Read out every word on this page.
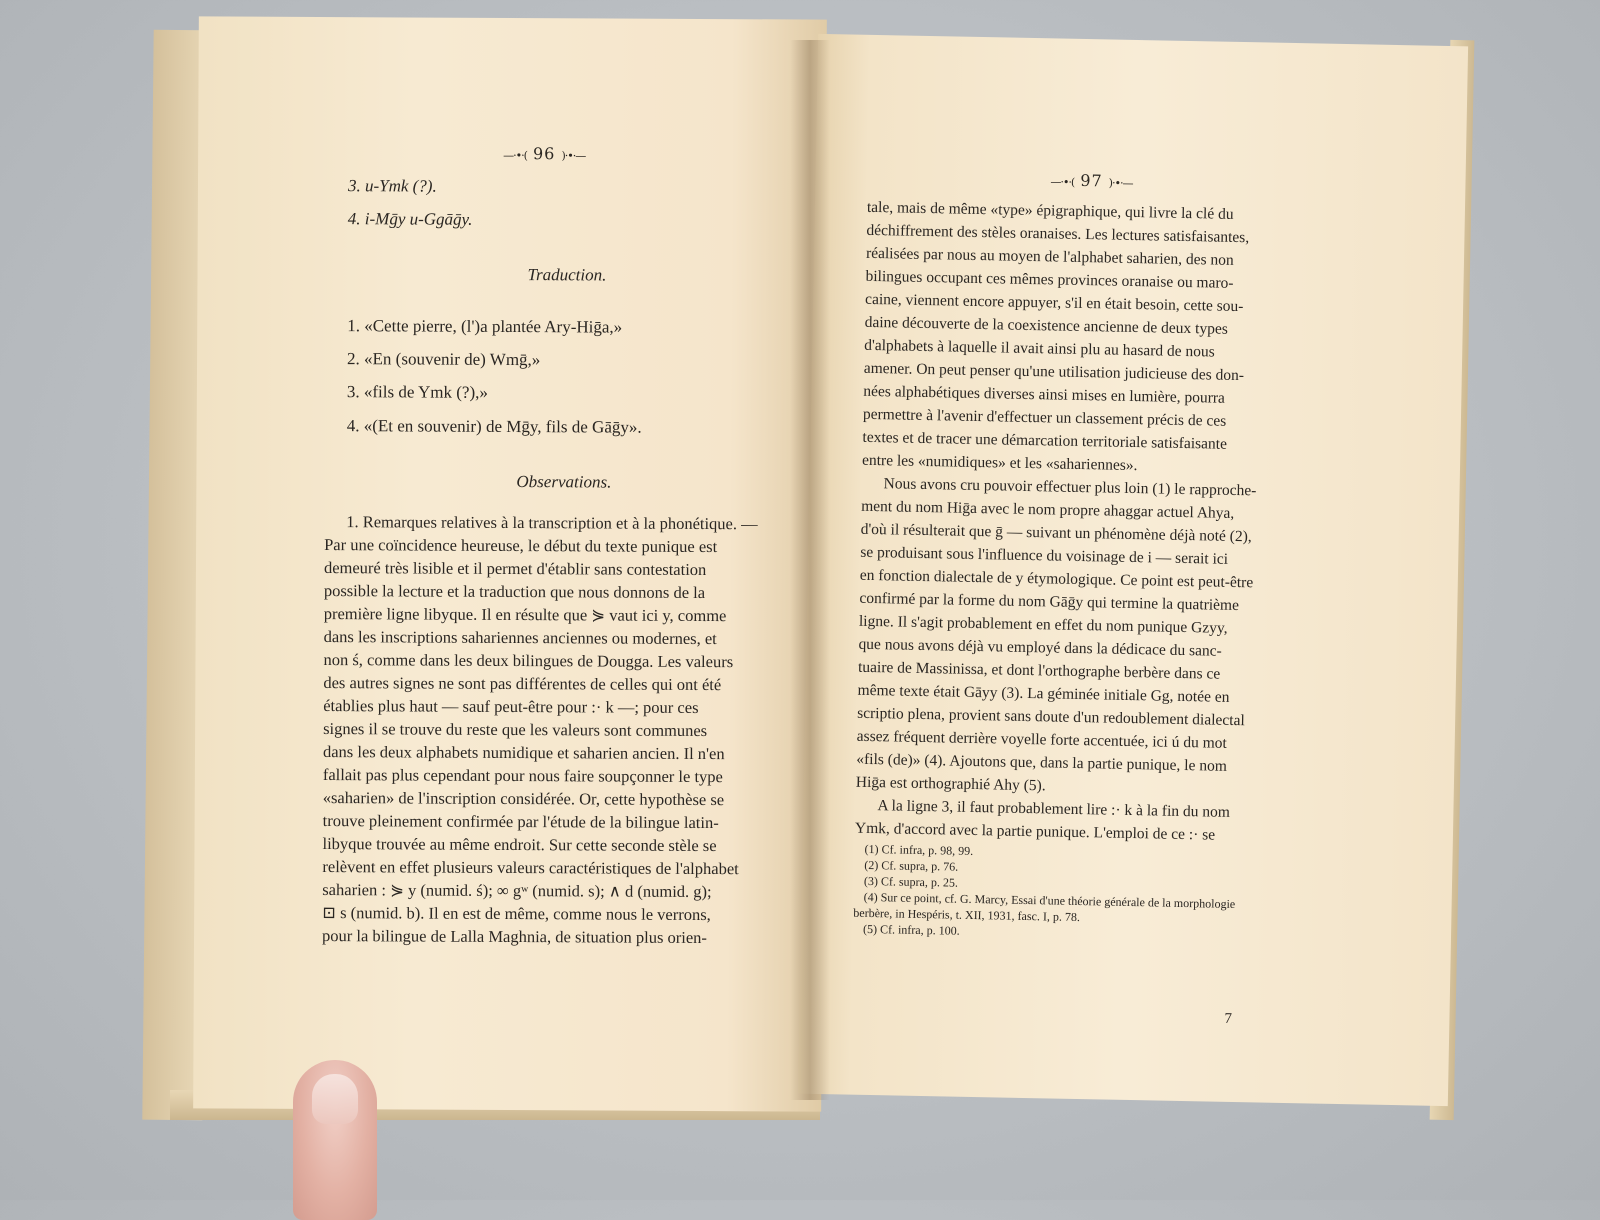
—·•·( 96 )·•·—
3. u-Ymk (?).
4. i-Mḡy u-Ggāḡy.
Traduction.
1. «Cette pierre, (l')a plantée Ary-Hiḡa,»
2. «En (souvenir de) Wmḡ,»
3. «fils de Ymk (?),»
4. «(Et en souvenir) de Mḡy, fils de Gāḡy».
Observations.
1. Remarques relatives à la transcription et à la phonétique. —
Par une coïncidence heureuse, le début du texte punique est
demeuré très lisible et il permet d'établir sans contestation
possible la lecture et la traduction que nous donnons de la
première ligne libyque. Il en résulte que ⋟ vaut ici y, comme
dans les inscriptions sahariennes anciennes ou modernes, et
non ś, comme dans les deux bilingues de Dougga. Les valeurs
des autres signes ne sont pas différentes de celles qui ont été
établies plus haut — sauf peut-être pour :· k —; pour ces
signes il se trouve du reste que les valeurs sont communes
dans les deux alphabets numidique et saharien ancien. Il n'en
fallait pas plus cependant pour nous faire soupçonner le type
«saharien» de l'inscription considérée. Or, cette hypothèse se
trouve pleinement confirmée par l'étude de la bilingue latin-
libyque trouvée au même endroit. Sur cette seconde stèle se
relèvent en effet plusieurs valeurs caractéristiques de l'alphabet
saharien : ⋟ y (numid. ś); ∞ gʷ (numid. s); ∧ d (numid. g);
⊡ s (numid. b). Il en est de même, comme nous le verrons,
pour la bilingue de Lalla Maghnia, de situation plus orien-
—·•·( 97 )·•·—
tale, mais de même «type» épigraphique, qui livre la clé du
déchiffrement des stèles oranaises. Les lectures satisfaisantes,
réalisées par nous au moyen de l'alphabet saharien, des non
bilingues occupant ces mêmes provinces oranaise ou maro-
caine, viennent encore appuyer, s'il en était besoin, cette sou-
daine découverte de la coexistence ancienne de deux types
d'alphabets à laquelle il avait ainsi plu au hasard de nous
amener. On peut penser qu'une utilisation judicieuse des don-
nées alphabétiques diverses ainsi mises en lumière, pourra
permettre à l'avenir d'effectuer un classement précis de ces
textes et de tracer une démarcation territoriale satisfaisante
entre les «numidiques» et les «sahariennes».
Nous avons cru pouvoir effectuer plus loin (1) le rapproche-
ment du nom Hiḡa avec le nom propre ahaggar actuel Ahya,
d'où il résulterait que ḡ — suivant un phénomène déjà noté (2),
se produisant sous l'influence du voisinage de i — serait ici
en fonction dialectale de y étymologique. Ce point est peut-être
confirmé par la forme du nom Gāḡy qui termine la quatrième
ligne. Il s'agit probablement en effet du nom punique Gzyy,
que nous avons déjà vu employé dans la dédicace du sanc-
tuaire de Massinissa, et dont l'orthographe berbère dans ce
même texte était Gāyy (3). La géminée initiale Gg, notée en
scriptio plena, provient sans doute d'un redoublement dialectal
assez fréquent derrière voyelle forte accentuée, ici ú du mot
«fils (de)» (4). Ajoutons que, dans la partie punique, le nom
Hiḡa est orthographié Ahy (5).
A la ligne 3, il faut probablement lire :· k à la fin du nom
Ymk, d'accord avec la partie punique. L'emploi de ce :· se
(1) Cf. infra, p. 98, 99.
(2) Cf. supra, p. 76.
(3) Cf. supra, p. 25.
(4) Sur ce point, cf. G. Marcy, Essai d'une théorie générale de la morphologie
berbère, in Hespéris, t. XII, 1931, fasc. I, p. 78.
(5) Cf. infra, p. 100.
7
